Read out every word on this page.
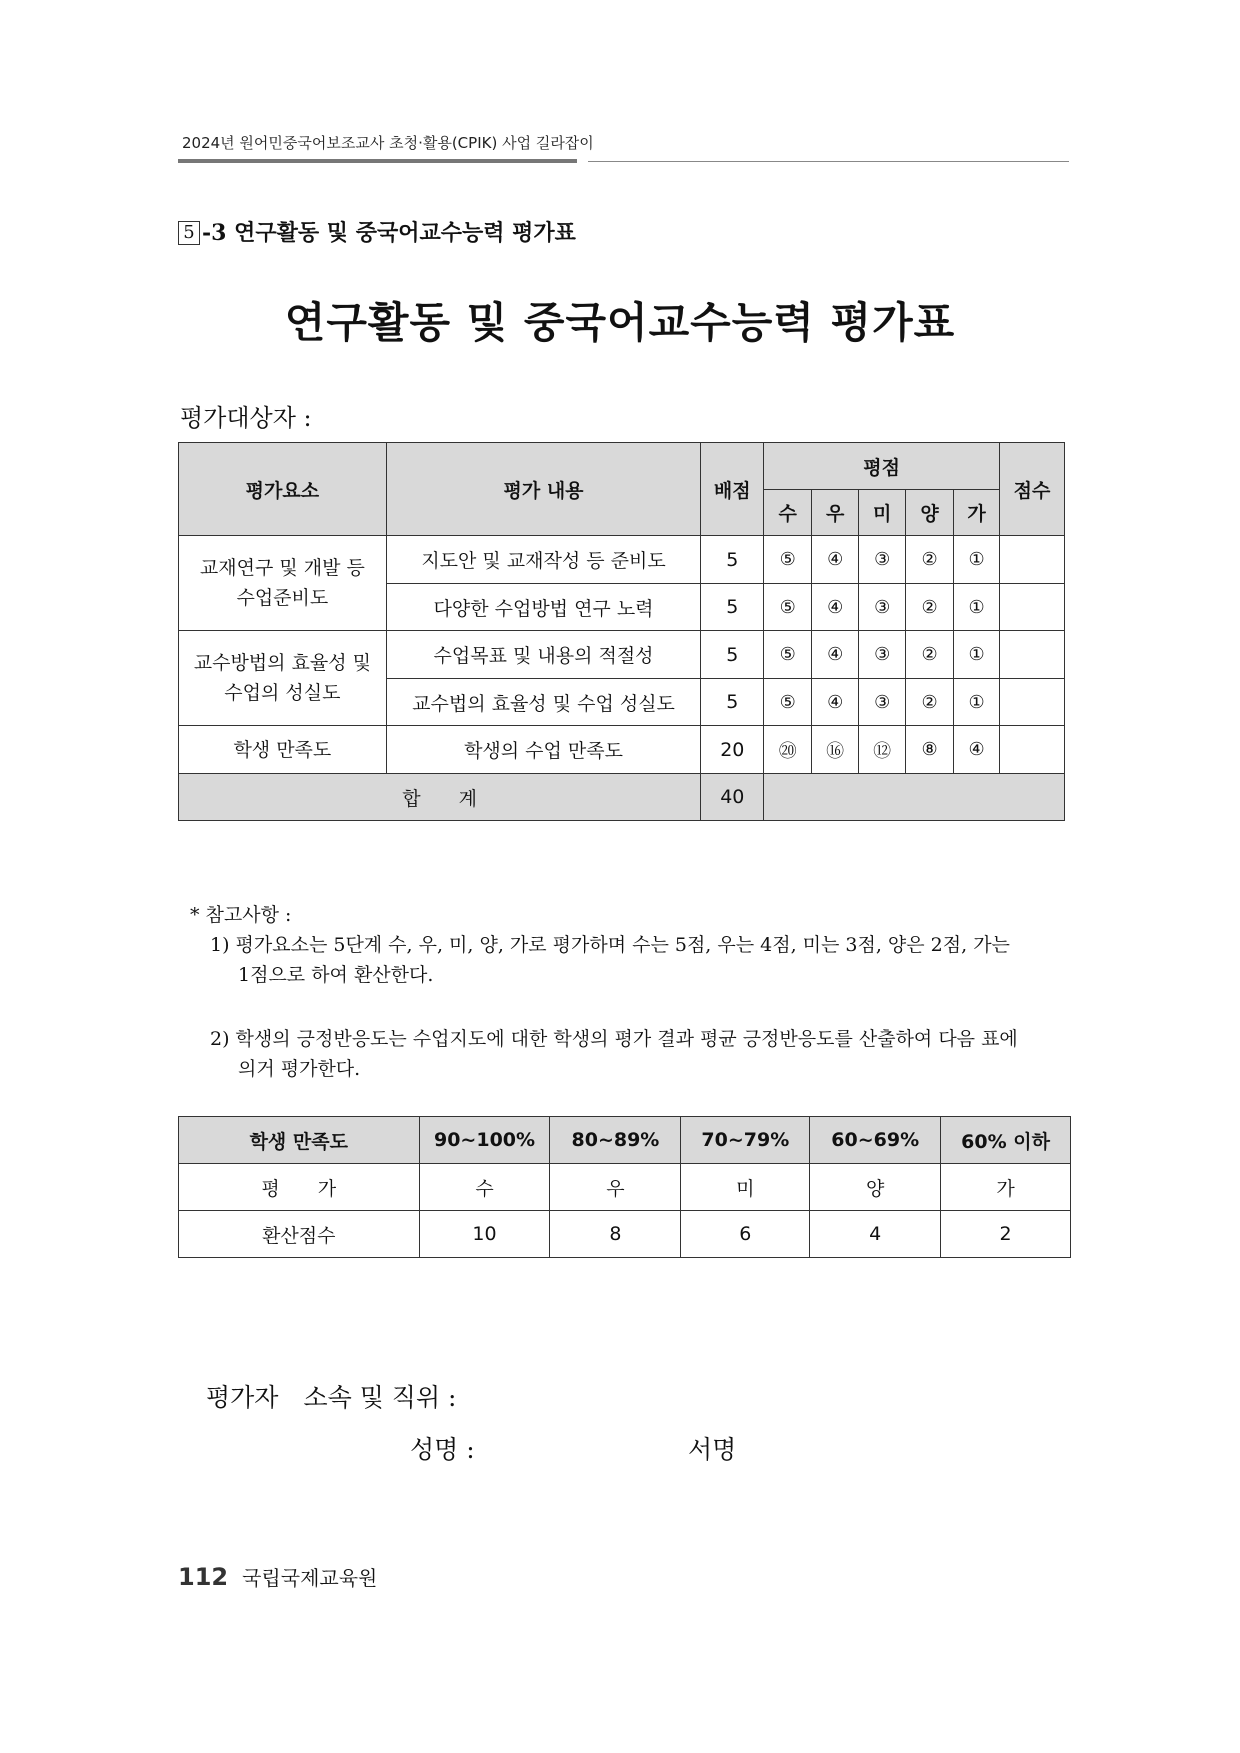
2024년 원어민중국어보조교사 초청·활용(CPIK) 사업 길라잡이
5 -3 연구활동 및 중국어교수능력 평가표
연구활동 및 중국어교수능력 평가표
평가대상자 :
평가요소	평가 내용	배점	평점					점수
			수	우	미	양	가	

교재연구 및 개발 등
수업준비도	지도안 및 교재작성 등 준비도	5	⑤	④	③	②	①	
	다양한 수업방법 연구 노력	5	⑤	④	③	②	①	

교수방법의 효율성 및
수업의 성실도	수업목표 및 내용의 적절성	5	⑤	④	③	②	①	
	교수법의 효율성 및 수업 성실도	5	⑤	④	③	②	①	

학생 만족도	학생의 수업 만족도	20	⑳	⑯	⑫	⑧	④	
합　　계		40						

* 참고사항 :

1) 평가요소는 5단계 수, 우, 미, 양, 가로 평가하며 수는 5점, 우는 4점, 미는 3점, 양은 2점, 가는

1점으로 하여 환산한다.

2) 학생의 긍정반응도는 수업지도에 대한 학생의 평가 결과 평균 긍정반응도를 산출하여 다음 표에

의거 평가한다.

학생 만족도	90~100%	80~89%	70~79%	60~69%	60% 이하
평　　가	수	우	미	양	가
환산점수	10	8	6	4	2
평가자　소속 및 직위 :
성명 :	서명
112 국립국제교육원
